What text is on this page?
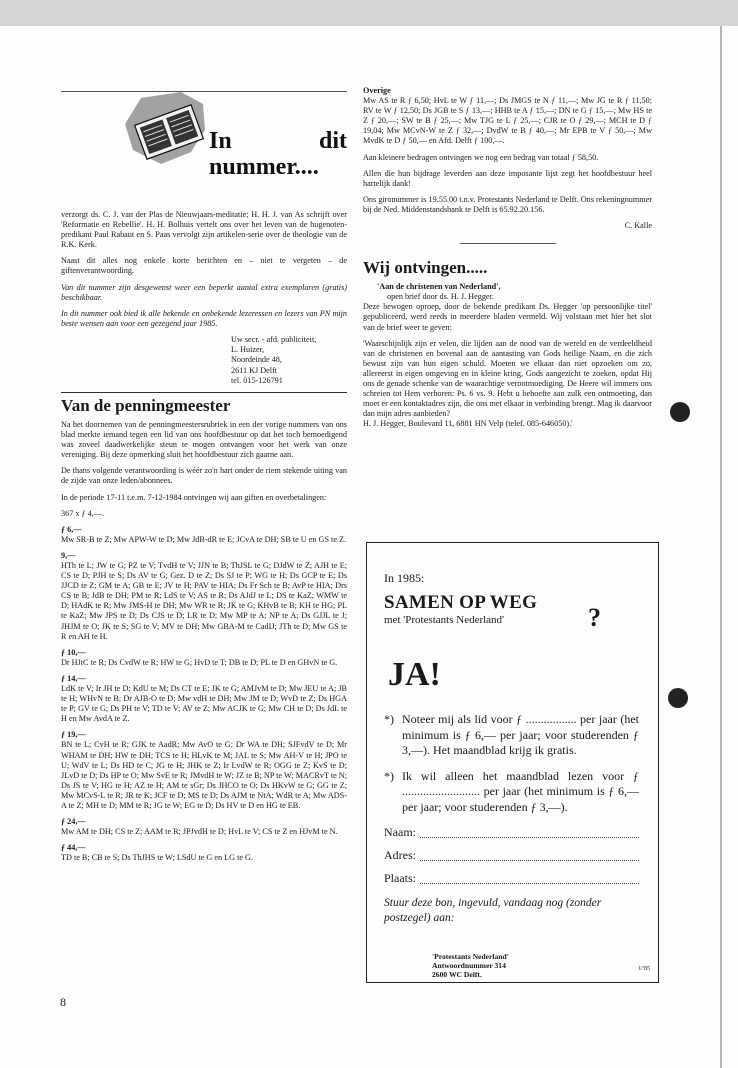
In dit nummer....

verzorgt ds. C. J. van der Plas de Nieuwjaars-meditatie; H. H. J. van As schrijft over 'Reformatie en Rebellie'. H. H. Bolhuis vertelt ons over het leven van de hugenoten-predikant Paul Rabaut en S. Paas vervolgt zijn artikelen-serie over de theologie van de R.K. Kerk.

Naast dit alles nog enkele korte berichten en – niet te vergeten – de giftenverantwoording.

Van dit nummer zijn desgewenst weer een beperkt aantal extra exemplaren (gratis) beschikbaar.

In dit nummer ook bied ik alle bekende en onbekende lezeressen en lezers van PN mijn beste wensen aan voor een gezegend jaar 1985.

Uw secr. - afd. publiciteit,
L. Huizer,
Noordeinde 48,
2611 KJ Delft
tel. 015-126791
Van de penningmeester

Na het doornemen van de penningmeestersrubriek in een der vorige nummers van ons blad merkte iemand tegen een lid van ons hoofdbestuur op dat het toch bemoedigend was zoveel daadwerkelijke steun te mogen ontvangen voor het werk van onze vereniging. Bij deze opmerking sluit het hoofdbestuur zich gaarne aan.

De thans volgende verantwoording is wéér zo'n hart onder de riem stekende uiting van de zijde van onze leden/abonnees.

In de periode 17-11 t.e.m. 7-12-1984 ontvingen wij aan giften en overbetalingen:

367 x ƒ 4,—.

ƒ 6,—

Mw SR-B te Z; Mw APW-W te D; Mw JdB-dR te E; JCvA te DH; SB te U en GS te Z.

9,—

HTh te L; JW te G; PZ te V; TvdH te V; JJN te B; ThJSL te G; DJdW te Z; AJH te E; CS te D; PJH te S; Ds AV te G; Gez. D te Z; Ds SJ te P; WG te H; Ds GCP te E; Ds JJCD te Z; GM te A; GB te E; JV te H; PAV te HIA; Ds Fr Sch te B; AvP te HIA; Drs CS te B; JdB te DH; PM te R; LdS te V; AS te R; Ds AJdJ te L; DS te KaZ; WMW te D; HAdK te R; Mw JMS-H te DH; Mw WR te R; JK te G; KHvB te B; KH te HG; PL te KaZ; Mw JPS te D; Ds CJS te D; LR te D; Mw MP te A; NP te A; Ds GJJL te J; JHJM te O; JK te S; SG te V; MV te DH; Mw GBA-M te CadIJ; JTh te D; Mw GS te R en AH te H.

ƒ 10,—

Dr HJtC te R; Ds CvdW te R; HW te G; HvD te T; DB te D; PL te D en GHvN te G.

ƒ 14,—

LdK te V; Ir JH te D; KdU te M; Ds CT te E; JK te G; AMJvM te D; Mw JEU te A; JB te H; WHvN te B; Dr AJB-O te D; Mw vdH te DH; Mw JM te D; WvD te Z; Ds HGA te P; GV te G; Ds PH te V; TD te V; AV te Z; Mw ACJK te G; Mw CH te D; Ds JdL te H en Mw AvdA te Z.

ƒ 19,—

BN te L; CvH te R; GJK te AadR; Mw AvO te G; Dr WA te DH; SJFvdV te D; Mr WHAM te DH; HW te DH; TCS te H; HLvK te M; JAL te S; Mw AH-V te H; JPO te U; WdV te L; Ds HD te C; JG te H; JHK te Z; Ir LvdW te R; OGG te Z; KvS te D; JLvD te D; Ds HP te O; Mw SvE te R; JMvdH te W; JZ te B; NP te W; MACRvT te N; Ds JS te V; HG te H; AZ te H; AM te sGr; Ds JHCO te O; Ds HKvW te G; GG te Z; Mw MCvS-L te R; JR te K; JCF te D; MS te D; Ds AJM te NtA; WdR te A; Mw ADS-A te Z; MH te D; MM te R; JG te W; EG te D; Ds HV te D en HG te EB.

ƒ 24,—

Mw AM te DH; CS te Z; AAM te R; JPJvdH te D; HvL te V; CS te Z en HJvM te N.

ƒ 44,—

TD te B; CB te S; Ds ThJHS te W; LSdU te G en LG te G.

Overige

Mw AS te R ƒ 6,50; HvL te W ƒ 11,—; Ds JMGS te N ƒ 11,—; Mw JG te R ƒ 11,50; RV te W ƒ 12,50; Ds JGB te S ƒ 13,—; HHB te A ƒ 15,—; DN te G ƒ 15,—; Mw HS te Z ƒ 20,—; SW te B ƒ 25,—; Mw TJG te L ƒ 25,—; CJR te O ƒ 29,—; MCH te D ƒ 19,04; Mw MCvN-W te Z ƒ 32,—; DvdW te B ƒ 40,—; Mr EPB te V ƒ 50,—; Mw MvdK te D ƒ 50,— en Afd. Delft ƒ 100,—.

Aan kleinere bedragen ontvingen we nog een bedrag van totaal ƒ 58,50.

Allen die hun bijdrage leverden aan deze imposante lijst zegt het hoofdbestuur heel hartelijk dank!

Ons gironummer is 19.55.00 t.n.v. Protestants Nederland te Delft. Ons rekeningnummer bij de Ned. Middenstandsbank te Delft is 65.92.20.156.

C. Kalle
Wij ontvingen.....
'Aan de christenen van Nederland',
open brief door ds. H. J. Hegger.

Deze bewogen oproep, door de bekende predikant Ds. Hegger 'op persoonlijke titel' gepubliceerd, werd reeds in meerdere bladen vermeld. Wij volstaan met hier het slot van de brief weer te geven:

'Waarschijnlijk zijn er velen, die lijden aan de nood van de wereld en de verdeeldheid van de christenen en bovenal aan de aantasting van Gods heilige Naam, en die zich bewust zijn van hun eigen schuld. Moeten we elkaar dan niet opzoeken om zo, allereerst in eigen omgeving en in kleine kring, Gods aangezicht te zoeken, opdat Hij ons de genade schenke van de waarachtige verootmoediging. De Heere wil immers ons schreien tot Hem verhoren: Ps. 6 vs. 9. Hebt u behoefte aan zulk een ontmoeting, dan moet er een kontaktadres zijn, die ons met elkaar in verbinding brengt. Mag ik daarvoor dan mijn adres aanbieden?

H. J. Hegger, Boulevard 11, 6881 HN Velp (telef. 085-646050).'

In 1985:
SAMEN OP WEG
met 'Protestants Nederland'	?
JA!
*) Noteer mij als lid voor ƒ ................. per jaar (het minimum is ƒ 6,— per jaar; voor studerenden ƒ 3,—). Het maandblad krijg ik gratis.
*) Ik wil alleen het maandblad lezen voor ƒ .......................... per jaar (het minimum is ƒ 6,— per jaar; voor studerenden ƒ 3,—).
Naam:
Adres:
Plaats:
Stuur deze bon, ingevuld, vandaag nog (zonder postzegel) aan:
'Protestants Nederland'
Antwoordnummer 314
2600 WC Delft.
1/'85
8
